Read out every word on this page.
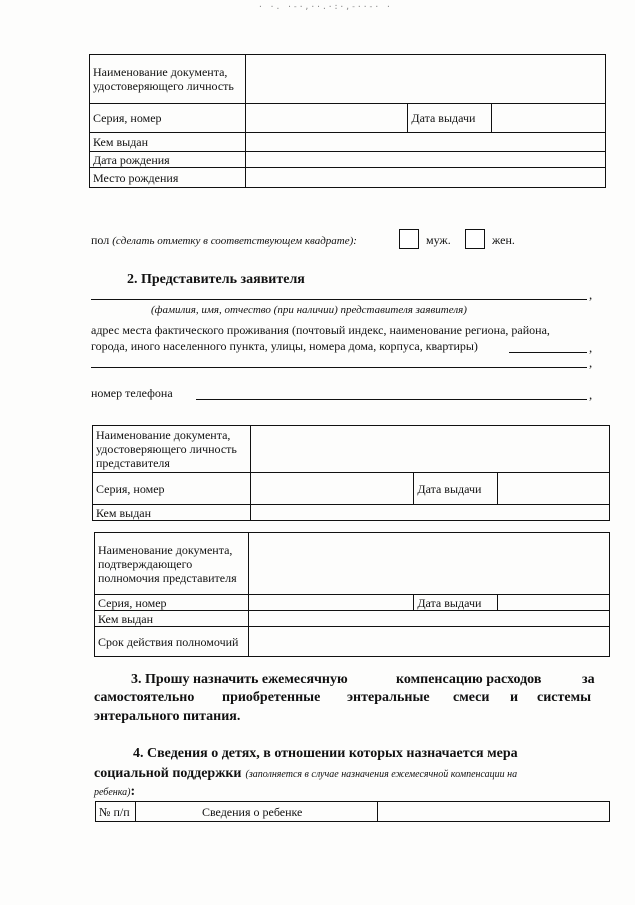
· ·. ·-·,··.·:·,-··-· ·
Наименование документа, удостоверяющего личность			
Серия, номер		Дата выдачи	
Кем выдан			
Дата рождения			
Место рождения			
пол (сделать отметку в соответствующем квадрате):	муж.	жен.
2. Представитель заявителя
,
(фамилия, имя, отчество (при наличии) представителя заявителя)
адрес места фактического проживания (почтовый индекс, наименование региона, района,
города, иного населенного пункта, улицы, номера дома, корпуса, квартиры)	,
,
номер телефона	,
Наименование документа, удостоверяющего личность представителя			
Серия, номер		Дата выдачи	
Кем выдан			
Наименование документа, подтверждающего полномочия представителя			
Серия, номер		Дата выдачи	
Кем выдан			
Срок действия полномочий			
3. Прошу назначить ежемесячную	компенсацию расходов	за
самостоятельно приобретенные энтеральные смеси и системы
энтерального питания.
4. Сведения о детях, в отношении которых назначается мера
социальной поддержки (заполняется в случае назначения ежемесячной компенсации на
ребенка):
№ п/п	Сведения о ребенке	
